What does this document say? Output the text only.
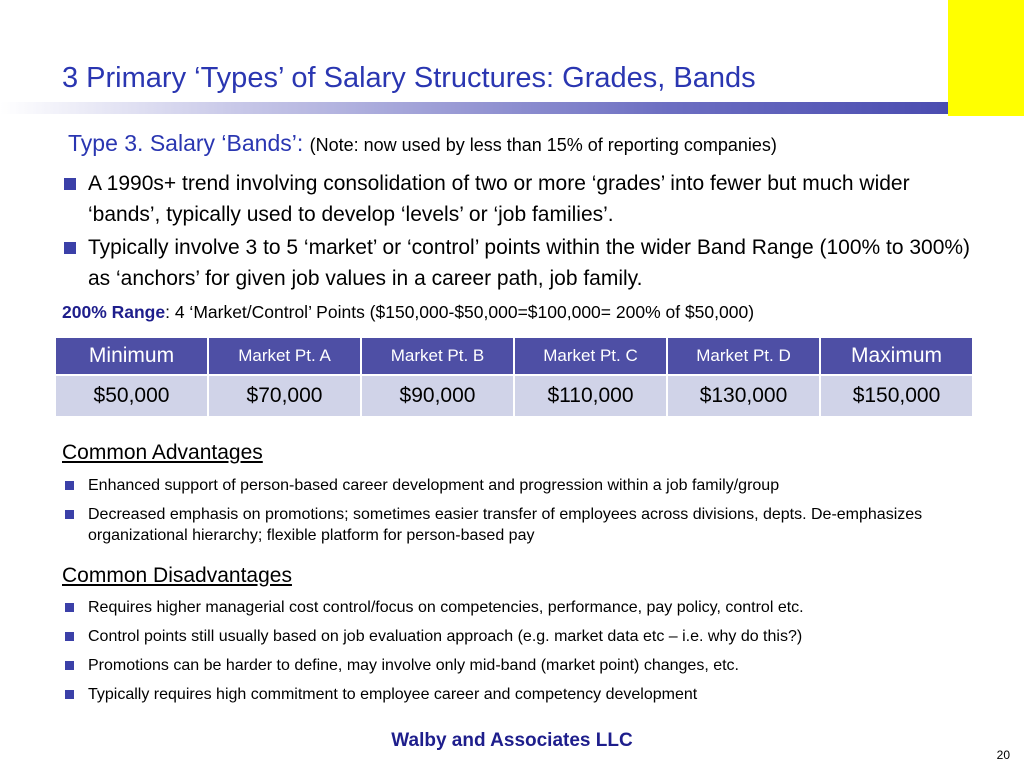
3 Primary ‘Types’ of Salary Structures: Grades, Bands
Type 3. Salary ‘Bands’: (Note: now used by less than 15% of reporting companies)
A 1990s+ trend involving consolidation of two or more ‘grades’ into fewer but much wider ‘bands’, typically used to develop ‘levels’ or ‘job families’.
Typically involve 3 to 5 ‘market’ or ‘control’ points within the wider Band Range (100% to 300%) as ‘anchors’ for given job values in a career path, job family.
200% Range: 4 ‘Market/Control’ Points ($150,000-$50,000=$100,000= 200% of $50,000)
Minimum	Market Pt. A	Market Pt. B	Market Pt. C	Market Pt. D	Maximum
$50,000	$70,000	$90,000	$110,000	$130,000	$150,000
Common Advantages
Enhanced support of person-based career development and progression within a job family/group
Decreased emphasis on promotions; sometimes easier transfer of employees across divisions, depts. De-emphasizes organizational hierarchy; flexible platform for person-based pay
Common Disadvantages
Requires higher managerial cost control/focus on competencies, performance, pay policy, control etc.
Control points still usually based on job evaluation approach (e.g. market data etc – i.e. why do this?)
Promotions can be harder to define, may involve only mid-band (market point) changes, etc.
Typically requires high commitment to employee career and competency development
Walby and Associates LLC
20
